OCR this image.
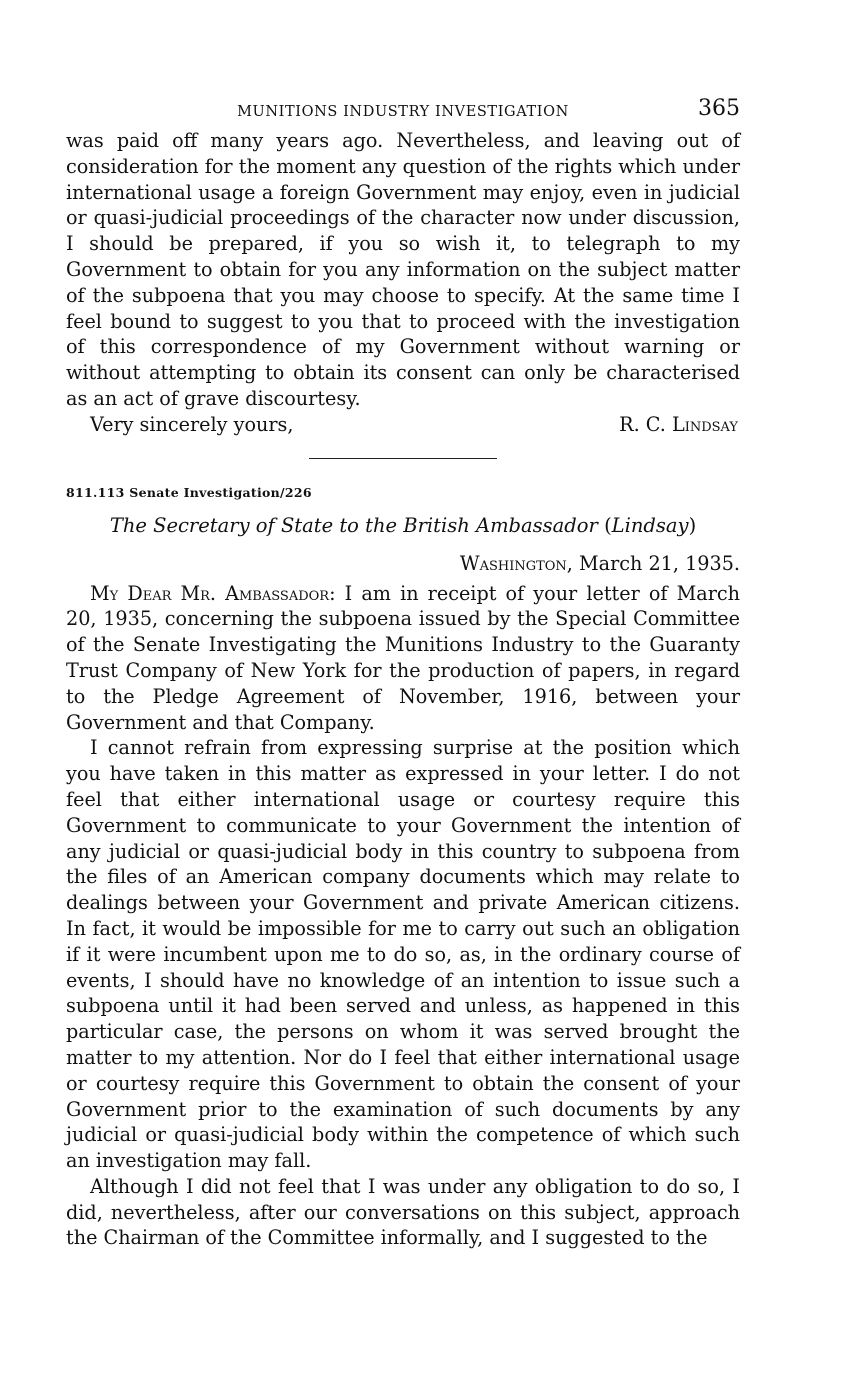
MUNITIONS INDUSTRY INVESTIGATION	365

was paid off many years ago. Nevertheless, and leaving out of consideration for the moment any question of the rights which under international usage a foreign Government may enjoy, even in judicial or quasi-judicial proceedings of the character now under discussion, I should be prepared, if you so wish it, to telegraph to my Government to obtain for you any information on the subject matter of the subpoena that you may choose to specify. At the same time I feel bound to suggest to you that to proceed with the investigation of this correspondence of my Government without warning or without attempting to obtain its consent can only be characterised as an act of grave discourtesy.

Very sincerely yours,	R. C. Lindsay
811.113 Senate Investigation/226
The Secretary of State to the British Ambassador (Lindsay)
Washington, March 21, 1935.

My Dear Mr. Ambassador: I am in receipt of your letter of March 20, 1935, concerning the subpoena issued by the Special Committee of the Senate Investigating the Munitions Industry to the Guaranty Trust Company of New York for the production of papers, in regard to the Pledge Agreement of November, 1916, between your Government and that Company.

I cannot refrain from expressing surprise at the position which you have taken in this matter as expressed in your letter. I do not feel that either international usage or courtesy require this Government to communicate to your Government the intention of any judicial or quasi-judicial body in this country to subpoena from the files of an American company documents which may relate to dealings between your Government and private American citizens. In fact, it would be impossible for me to carry out such an obligation if it were incumbent upon me to do so, as, in the ordinary course of events, I should have no knowledge of an intention to issue such a subpoena until it had been served and unless, as happened in this particular case, the persons on whom it was served brought the matter to my attention. Nor do I feel that either international usage or courtesy require this Government to obtain the consent of your Government prior to the examination of such documents by any judicial or quasi-judicial body within the competence of which such an investigation may fall.

Although I did not feel that I was under any obligation to do so, I did, nevertheless, after our conversations on this subject, approach the Chairman of the Committee informally, and I suggested to the
